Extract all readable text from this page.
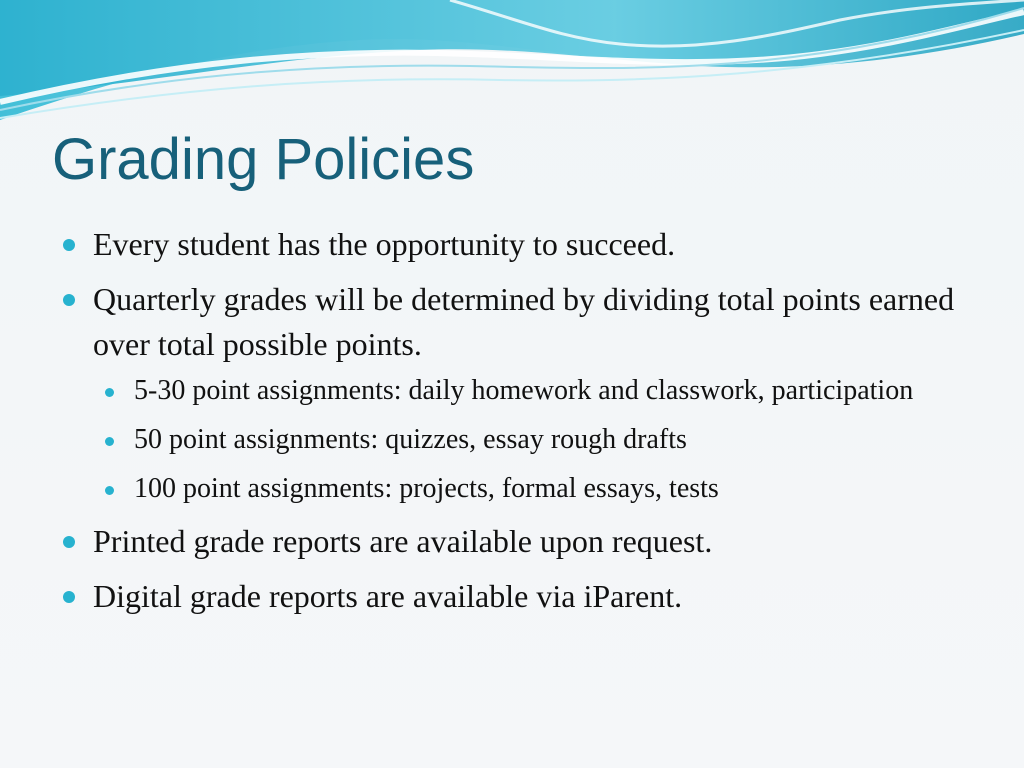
Grading Policies
Every student has the opportunity to succeed.
Quarterly grades will be determined by dividing total points earned over total possible points.
5-30 point assignments: daily homework and classwork, participation
50 point assignments: quizzes, essay rough drafts
100 point assignments: projects, formal essays, tests
Printed grade reports are available upon request.
Digital grade reports are available via iParent.
